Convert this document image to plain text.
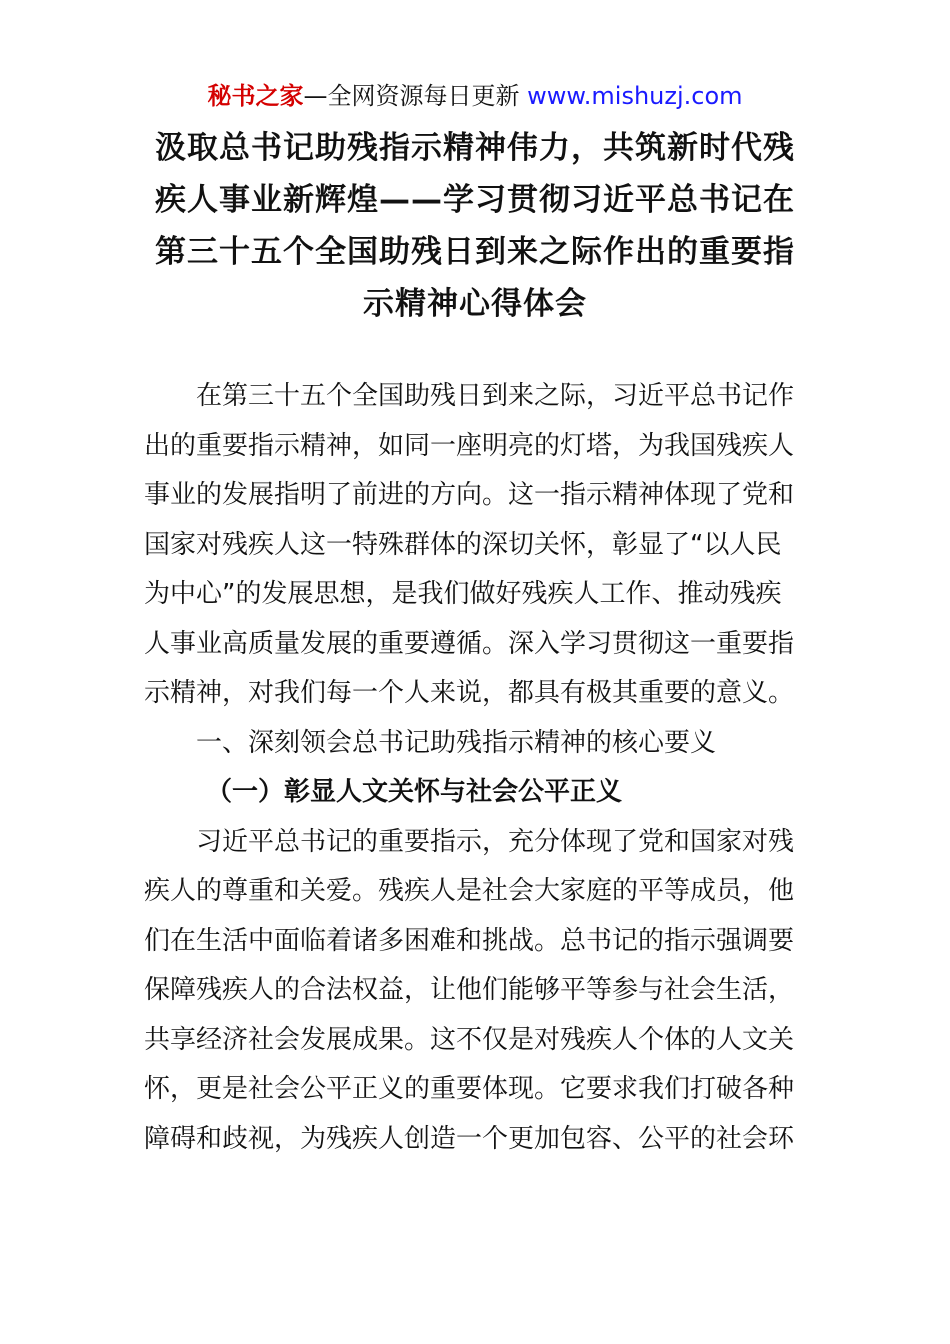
秘书之家—全网资源每日更新 www.mishuzj.com
汲取总书记助残指示精神伟力，共筑新时代残
疾人事业新辉煌——学习贯彻习近平总书记在
第三十五个全国助残日到来之际作出的重要指
示精神心得体会
在第三十五个全国助残日到来之际，习近平总书记作
出的重要指示精神，如同一座明亮的灯塔，为我国残疾人
事业的发展指明了前进的方向。这一指示精神体现了党和
国家对残疾人这一特殊群体的深切关怀，彰显了“以人民
为中心”的发展思想，是我们做好残疾人工作、推动残疾
人事业高质量发展的重要遵循。深入学习贯彻这一重要指
示精神，对我们每一个人来说，都具有极其重要的意义。
一、深刻领会总书记助残指示精神的核心要义
（一）彰显人文关怀与社会公平正义
习近平总书记的重要指示，充分体现了党和国家对残
疾人的尊重和关爱。残疾人是社会大家庭的平等成员，他
们在生活中面临着诸多困难和挑战。总书记的指示强调要
保障残疾人的合法权益，让他们能够平等参与社会生活，
共享经济社会发展成果。这不仅是对残疾人个体的人文关
怀，更是社会公平正义的重要体现。它要求我们打破各种
障碍和歧视，为残疾人创造一个更加包容、公平的社会环
